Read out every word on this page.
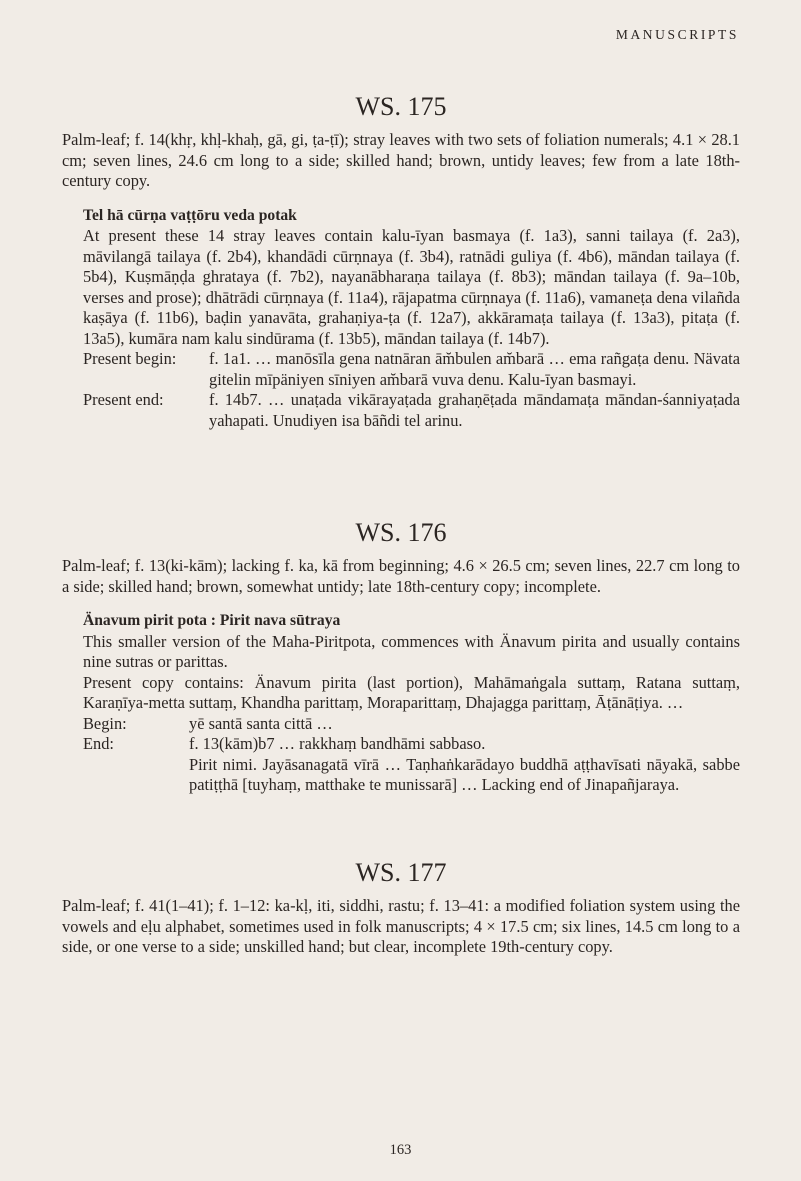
MANUSCRIPTS
WS. 175

Palm-leaf; f. 14(khṛ, khḷ-khaḥ, gā, gi, ṭa-ṭī); stray leaves with two sets of foliation numerals; 4.1 × 28.1 cm; seven lines, 24.6 cm long to a side; skilled hand; brown, untidy leaves; few from a late 18th-century copy.

Tel hā cūrṇa vaṭṭōru veda potak

At present these 14 stray leaves contain kalu-īyan basmaya (f. 1a3), sanni tailaya (f. 2a3), māvilangā tailaya (f. 2b4), khandādi cūrṇnaya (f. 3b4), ratnādi guliya (f. 4b6), māndan tailaya (f. 5b4), Kuṣmāṇḍa ghrataya (f. 7b2), nayanābharaṇa tailaya (f. 8b3); māndan tailaya (f. 9a–10b, verses and prose); dhātrādi cūrṇnaya (f. 11a4), rājapatma cūrṇnaya (f. 11a6), vamaneṭa dena vilañda kaṣāya (f. 11b6), baḍin yanavāta, grahaṇiya-ṭa (f. 12a7), akkāramaṭa tailaya (f. 13a3), pitaṭa (f. 13a5), kumāra nam kalu sindūrama (f. 13b5), māndan tailaya (f. 14b7).

Present begin:	f. 1a1. … manōsīla gena natnāran ām̆bulen am̆barā … ema rañgaṭa denu. Nävata gitelin mīpäniyen sīniyen am̆barā vuva denu. Kalu-īyan basmayi.
Present end:	f. 14b7. … unaṭada vikārayaṭada grahaṇēṭada māndamaṭa māndan-śanniyaṭada yahapati. Unudiyen isa bāñdi tel arinu.
WS. 176

Palm-leaf; f. 13(ki-kām); lacking f. ka, kā from beginning; 4.6 × 26.5 cm; seven lines, 22.7 cm long to a side; skilled hand; brown, somewhat untidy; late 18th-century copy; incomplete.

Änavum pirit pota : Pirit nava sūtraya

This smaller version of the Maha-Piritpota, commences with Änavum pirita and usually contains nine sutras or parittas.

Present copy contains: Änavum pirita (last portion), Mahāmaṅgala suttaṃ, Ratana suttaṃ, Karaṇīya-metta suttaṃ, Khandha parittaṃ, Moraparittaṃ, Dhajagga parittaṃ, Āṭānāṭiya. …

Begin:	yē santā santa cittā …
End:	f. 13(kām)b7 … rakkhaṃ bandhāmi sabbaso.
Pirit nimi. Jayāsanagatā vīrā … Taṇhaṅkarādayo buddhā aṭṭhavīsati nāyakā, sabbe patiṭṭhā [tuyhaṃ, matthake te munissarā] … Lacking end of Jinapañjaraya.
WS. 177

Palm-leaf; f. 41(1–41); f. 1–12: ka-kḷ, iti, siddhi, rastu; f. 13–41: a modified foliation system using the vowels and eḷu alphabet, sometimes used in folk manuscripts; 4 × 17.5 cm; six lines, 14.5 cm long to a side, or one verse to a side; unskilled hand; but clear, incomplete 19th-century copy.

163
